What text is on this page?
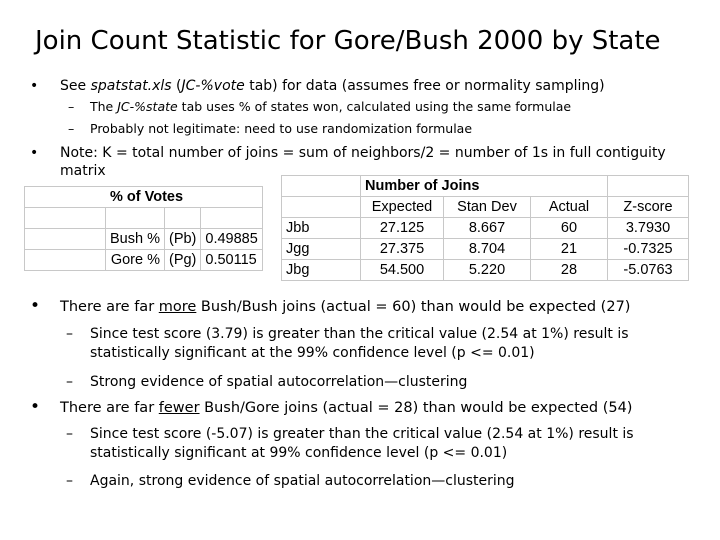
Join Count Statistic for Gore/Bush 2000 by State
• See spatstat.xls (JC-%vote tab) for data (assumes free or normality sampling)
– The JC-%state tab uses % of states won, calculated using the same formulae
– Probably not legitimate: need to use randomization formulae
• Note: K = total number of joins = sum of neighbors/2 = number of 1s in full contiguity
matrix
	% of Votes		

	Bush %	(Pb)	0.49885
	Gore %	(Pg)	0.50115
	Number of Joins			
	Expected	Stan Dev	Actual	Z-score
Jbb	27.125	8.667	60	3.7930
Jgg	27.375	8.704	21	-0.7325
Jbg	54.500	5.220	28	-5.0763
• There are far more Bush/Bush joins (actual = 60) than would be expected (27)
– Since test score (3.79) is greater than the critical value (2.54 at 1%) result is
statistically significant at the 99% confidence level (p <= 0.01)
– Strong evidence of spatial autocorrelation—clustering
• There are far fewer Bush/Gore joins (actual = 28) than would be expected (54)
– Since test score (-5.07) is greater than the critical value (2.54 at 1%) result is
statistically significant at 99% confidence level (p <= 0.01)
– Again, strong evidence of spatial autocorrelation—clustering
